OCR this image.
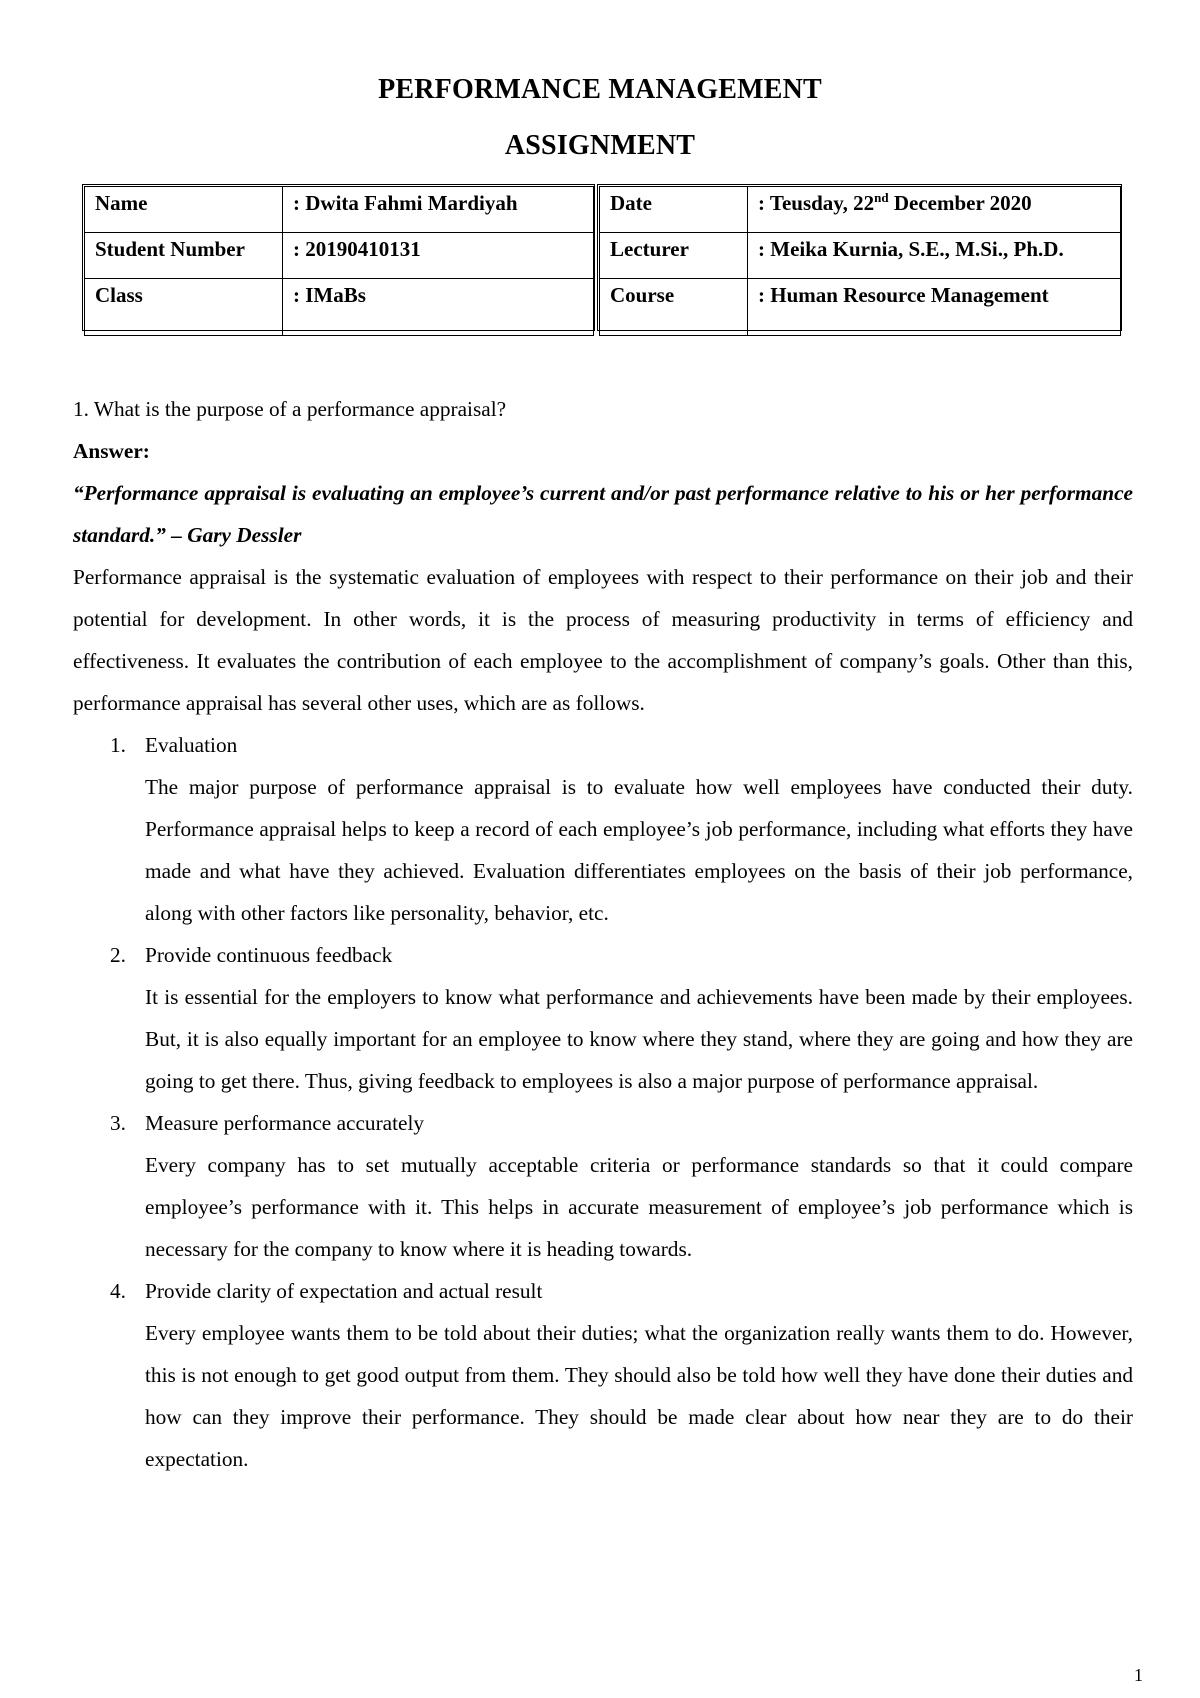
PERFORMANCE MANAGEMENT
ASSIGNMENT
Name	: Dwita Fahmi Mardiyah
Student Number	: 20190410131
Class	: IMaBs
Date	: Teusday, 22nd December 2020
Lecturer	: Meika Kurnia, S.E., M.Si., Ph.D.
Course	: Human Resource Management

1. What is the purpose of a performance appraisal?

Answer:

“Performance appraisal is evaluating an employee’s current and/or past performance relative to his or her performance standard.” – Gary Dessler

Performance appraisal is the systematic evaluation of employees with respect to their performance on their job and their potential for development. In other words, it is the process of measuring productivity in terms of efficiency and effectiveness. It evaluates the contribution of each employee to the accomplishment of company’s goals. Other than this, performance appraisal has several other uses, which are as follows.

1. Evaluation

The major purpose of performance appraisal is to evaluate how well employees have conducted their duty. Performance appraisal helps to keep a record of each employee’s job performance, including what efforts they have made and what have they achieved. Evaluation differentiates employees on the basis of their job performance, along with other factors like personality, behavior, etc.

2. Provide continuous feedback

It is essential for the employers to know what performance and achievements have been made by their employees. But, it is also equally important for an employee to know where they stand, where they are going and how they are going to get there. Thus, giving feedback to employees is also a major purpose of performance appraisal.

3. Measure performance accurately

Every company has to set mutually acceptable criteria or performance standards so that it could compare employee’s performance with it. This helps in accurate measurement of employee’s job performance which is necessary for the company to know where it is heading towards.

4. Provide clarity of expectation and actual result

Every employee wants them to be told about their duties; what the organization really wants them to do. However, this is not enough to get good output from them. They should also be told how well they have done their duties and how can they improve their performance. They should be made clear about how near they are to do their expectation.

1
